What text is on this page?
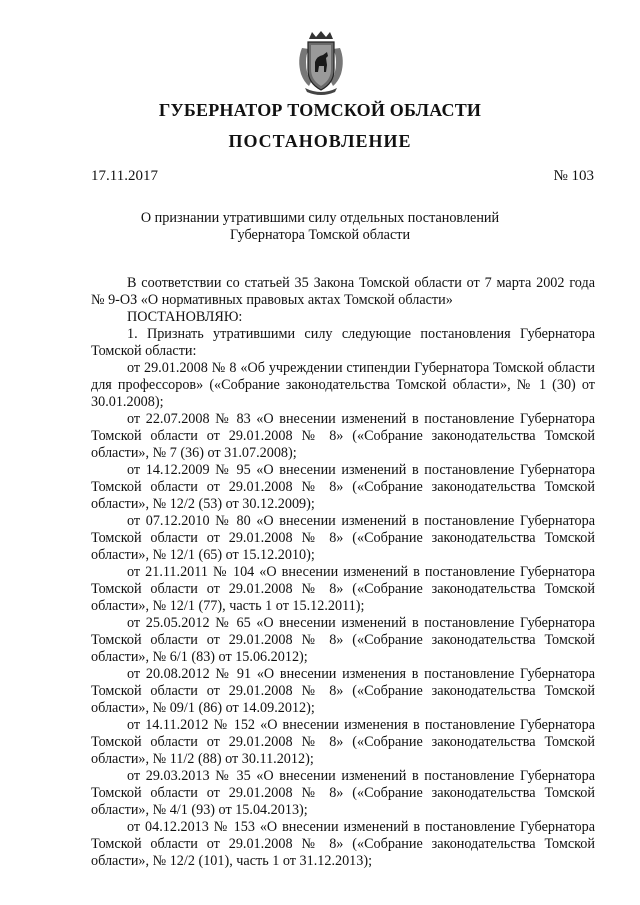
ГУБЕРНАТОР ТОМСКОЙ ОБЛАСТИ
ПОСТАНОВЛЕНИЕ
17.11.2017	№ 103
О признании утратившими силу отдельных постановлений
Губернатора Томской области

В соответствии со статьей 35 Закона Томской области от 7 марта 2002 года № 9-ОЗ «О нормативных правовых актах Томской области»

ПОСТАНОВЛЯЮ:

1. Признать утратившими силу следующие постановления Губернатора Томской области:

от 29.01.2008 № 8 «Об учреждении стипендии Губернатора Томской области для профессоров» («Собрание законодательства Томской области», № 1 (30) от 30.01.2008);

от 22.07.2008 № 83 «О внесении изменений в постановление Губернатора Томской области от 29.01.2008 № 8» («Собрание законодательства Томской области», № 7 (36) от 31.07.2008);

от 14.12.2009 № 95 «О внесении изменений в постановление Губернатора Томской области от 29.01.2008 № 8» («Собрание законодательства Томской области», № 12/2 (53) от 30.12.2009);

от 07.12.2010 № 80 «О внесении изменений в постановление Губернатора Томской области от 29.01.2008 № 8» («Собрание законодательства Томской области», № 12/1 (65) от 15.12.2010);

от 21.11.2011 № 104 «О внесении изменений в постановление Губернатора Томской области от 29.01.2008 № 8» («Собрание законодательства Томской области», № 12/1 (77), часть 1 от 15.12.2011);

от 25.05.2012 № 65 «О внесении изменений в постановление Губернатора Томской области от 29.01.2008 № 8» («Собрание законодательства Томской области», № 6/1 (83) от 15.06.2012);

от 20.08.2012 № 91 «О внесении изменения в постановление Губернатора Томской области от 29.01.2008 № 8» («Собрание законодательства Томской области», № 09/1 (86) от 14.09.2012);

от 14.11.2012 № 152 «О внесении изменения в постановление Губернатора Томской области от 29.01.2008 № 8» («Собрание законодательства Томской области», № 11/2 (88) от 30.11.2012);

от 29.03.2013 № 35 «О внесении изменений в постановление Губернатора Томской области от 29.01.2008 № 8» («Собрание законодательства Томской области», № 4/1 (93) от 15.04.2013);

от 04.12.2013 № 153 «О внесении изменений в постановление Губернатора Томской области от 29.01.2008 № 8» («Собрание законодательства Томской области», № 12/2 (101), часть 1 от 31.12.2013);
